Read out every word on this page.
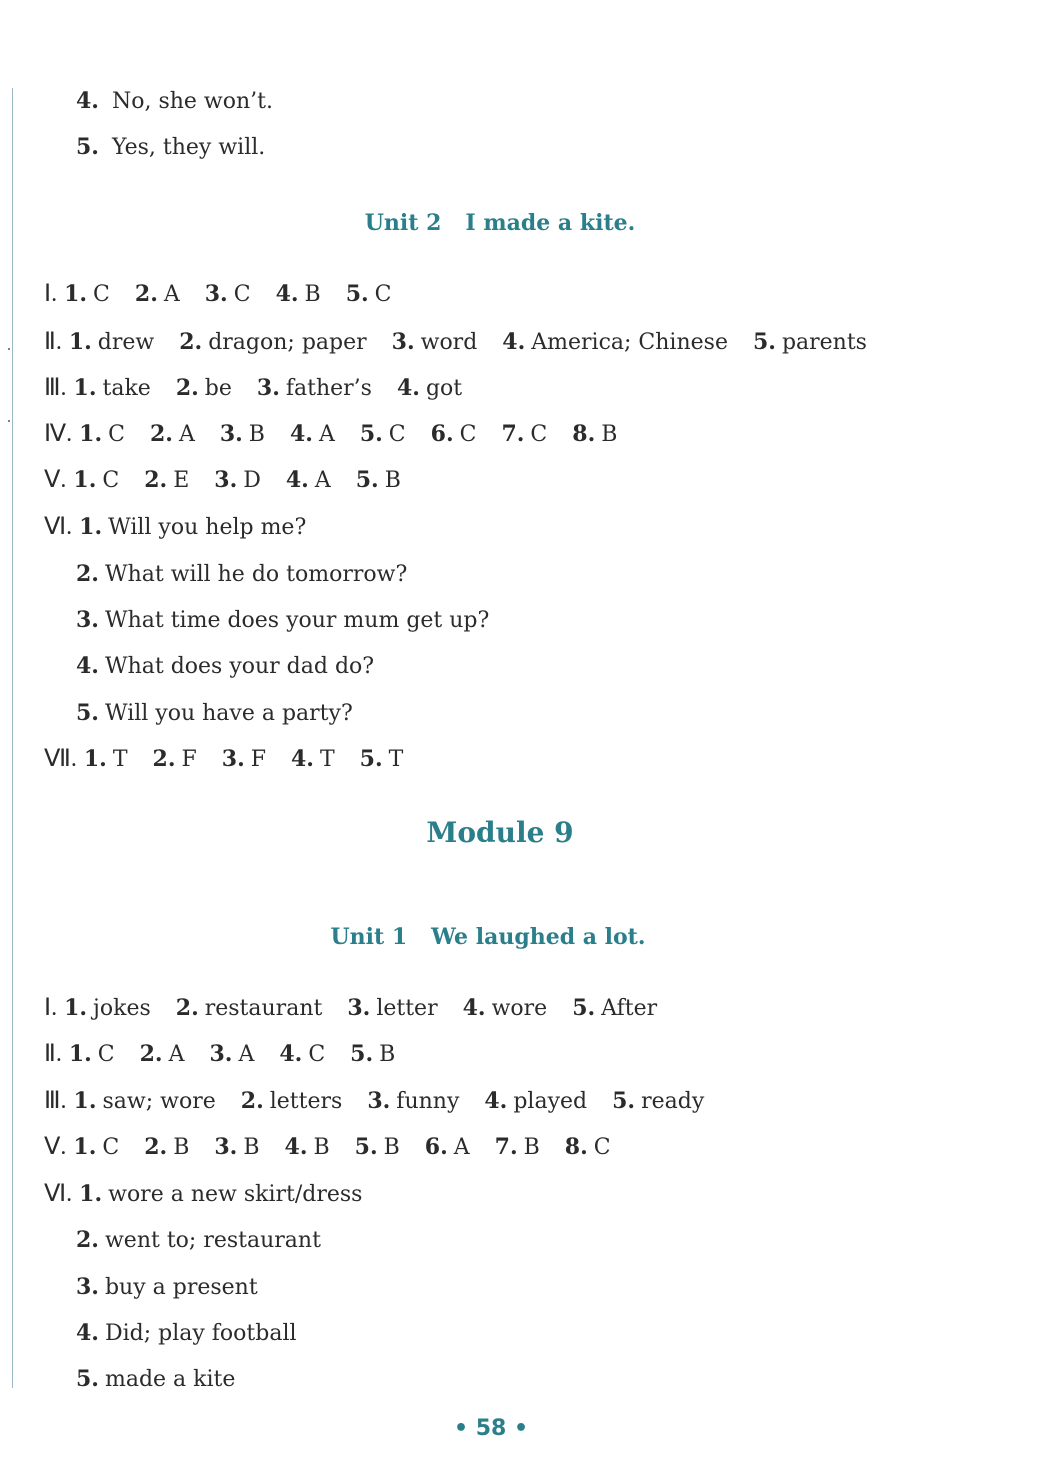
4. No, she won’t.
5. Yes, they will.
Unit 2 I made a kite.
Ⅰ. 1. C 2. A 3. C 4. B 5. C
Ⅱ. 1. drew 2. dragon; paper 3. word 4. America; Chinese 5. parents
Ⅲ. 1. take 2. be 3. father’s 4. got
Ⅳ. 1. C 2. A 3. B 4. A 5. C 6. C 7. C 8. B
Ⅴ. 1. C 2. E 3. D 4. A 5. B
Ⅵ. 1. Will you help me?
2. What will he do tomorrow?
3. What time does your mum get up?
4. What does your dad do?
5. Will you have a party?
Ⅶ. 1. T 2. F 3. F 4. T 5. T
Module 9
Unit 1 We laughed a lot.
Ⅰ. 1. jokes 2. restaurant 3. letter 4. wore 5. After
Ⅱ. 1. C 2. A 3. A 4. C 5. B
Ⅲ. 1. saw; wore 2. letters 3. funny 4. played 5. ready
Ⅴ. 1. C 2. B 3. B 4. B 5. B 6. A 7. B 8. C
Ⅵ. 1. wore a new skirt/dress
2. went to; restaurant
3. buy a present
4. Did; play football
5. made a kite
• 58 •
